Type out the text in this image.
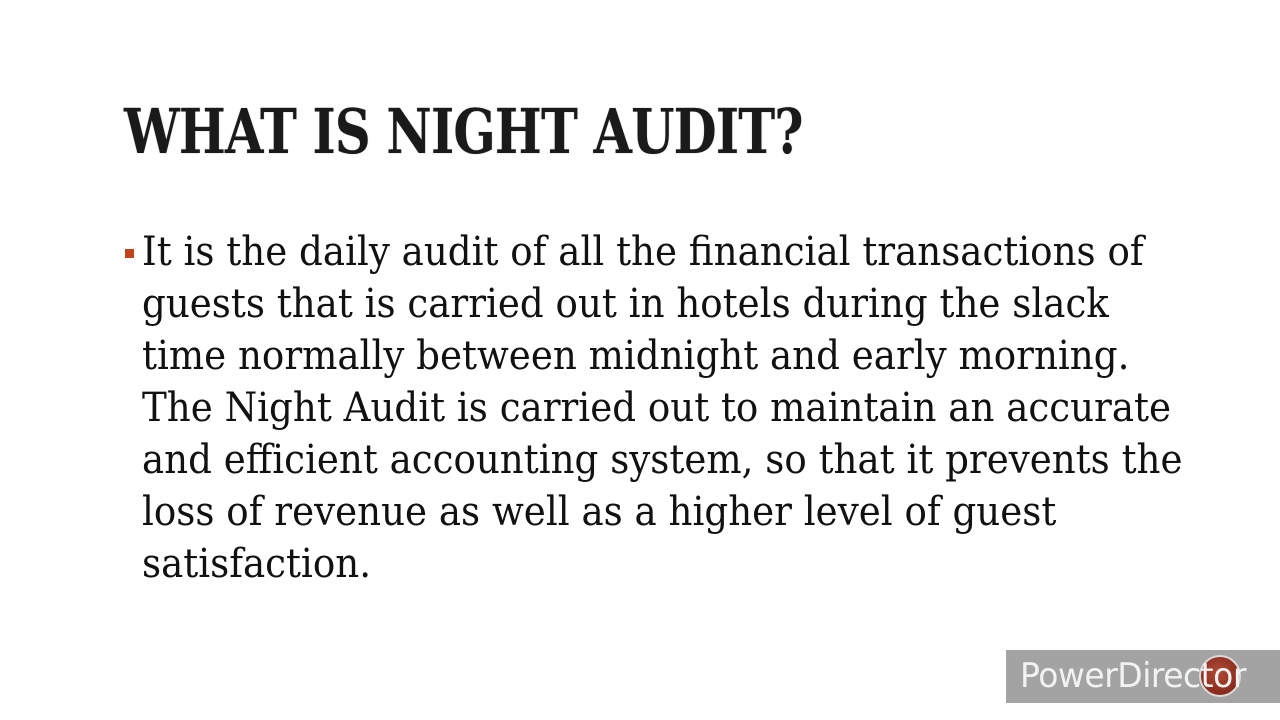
WHAT IS NIGHT AUDIT?
It is the daily audit of all the financial transactions of guests that is carried out in hotels during the slack time normally between midnight and early morning. The Night Audit is carried out to maintain an accurate and efficient accounting system, so that it prevents the loss of revenue as well as a higher level of guest satisfaction.
PowerDirector
